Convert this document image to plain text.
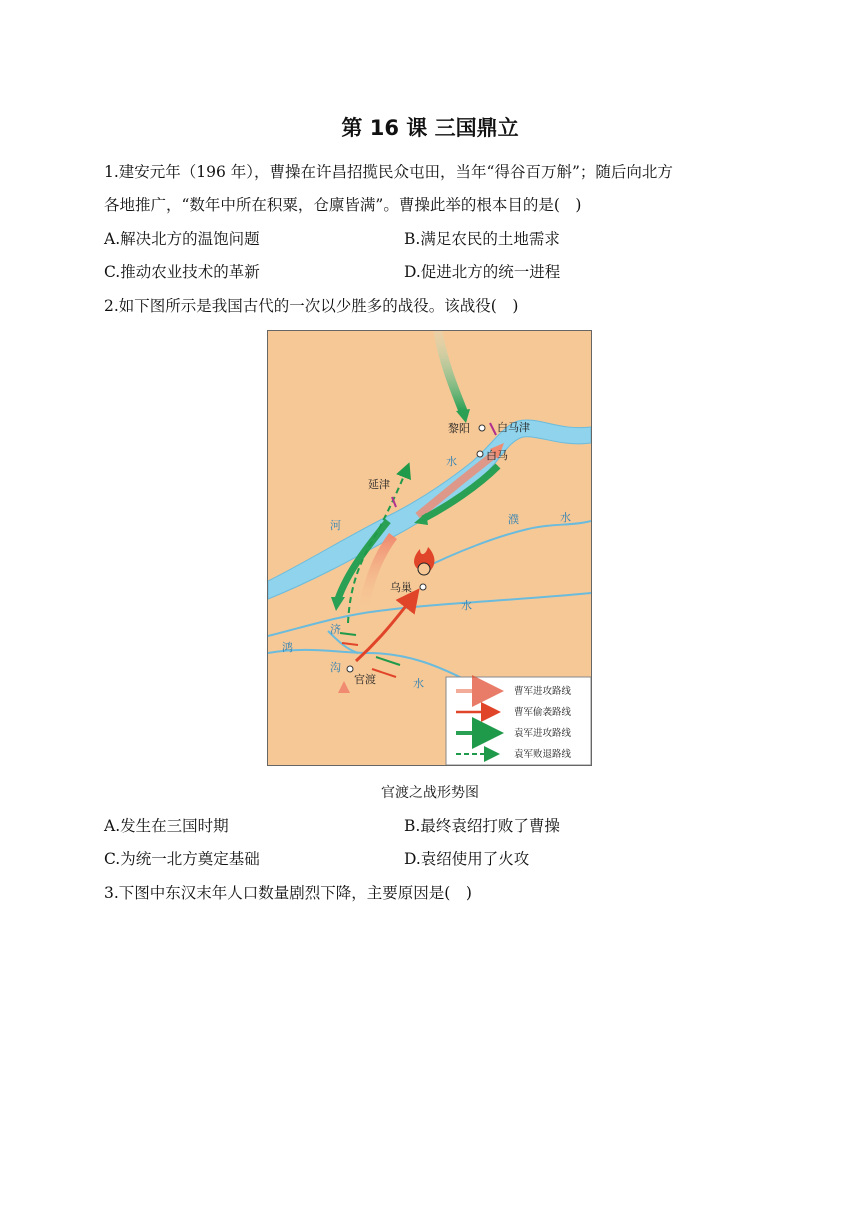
第 16 课 三国鼎立
1.建安元年（196 年），曹操在许昌招揽民众屯田，当年“得谷百万斛”；随后向北方
各地推广，“数年中所在积粟，仓廪皆满”。曹操此举的根本目的是(　)
A.解决北方的温饱问题	B.满足农民的土地需求
C.推动农业技术的革新	D.促进北方的统一进程
2.如下图所示是我国古代的一次以少胜多的战役。该战役(　)
黎阳 白马津
白马
延津
乌巢
官渡
水
河	濮	水
水
济
鸿
沟
水
曹军进攻路线
曹军偷袭路线
袁军进攻路线
袁军败退路线
官渡之战形势图
A.发生在三国时期	B.最终袁绍打败了曹操
C.为统一北方奠定基础	D.袁绍使用了火攻
3.下图中东汉末年人口数量剧烈下降，主要原因是(　)
